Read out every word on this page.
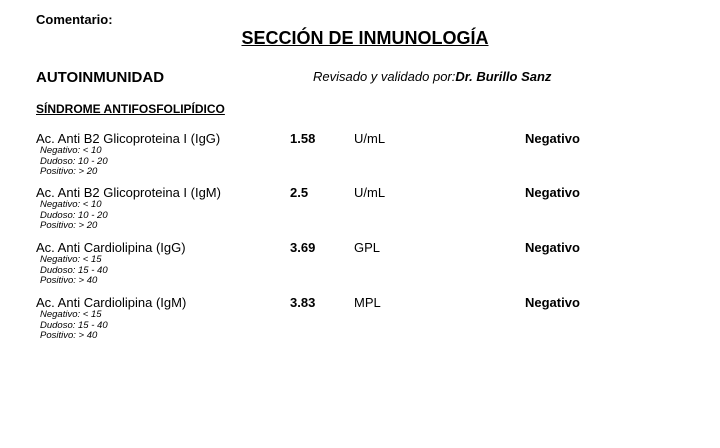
Comentario:
SECCIÓN DE INMUNOLOGÍA
AUTOINMUNIDAD	Revisado y validado por:Dr. Burillo Sanz
SÍNDROME ANTIFOSFOLIPÍDICO
Ac. Anti B2 Glicoproteina I (IgG)	1.58	U/mL	Negativo
Negativo: < 10
Dudoso: 10 - 20
Positivo: > 20
Ac. Anti B2 Glicoproteina I (IgM)	2.5	U/mL	Negativo
Negativo: < 10
Dudoso: 10 - 20
Positivo: > 20
Ac. Anti Cardiolipina (IgG)	3.69	GPL	Negativo
Negativo: < 15
Dudoso: 15 - 40
Positivo: > 40
Ac. Anti Cardiolipina (IgM)	3.83	MPL	Negativo
Negativo: < 15
Dudoso: 15 - 40
Positivo: > 40
